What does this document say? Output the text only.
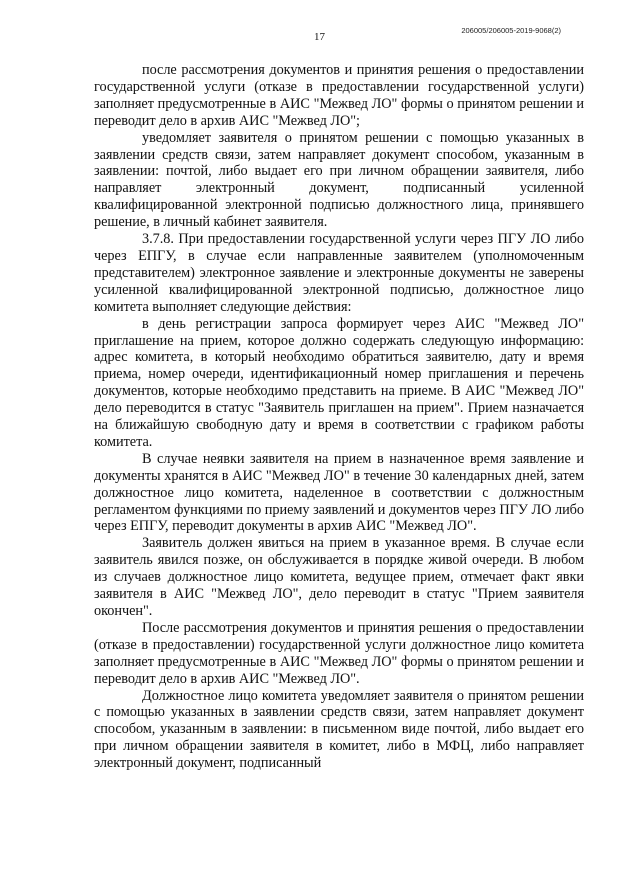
206005/206005-2019-9068(2)
17

после рассмотрения документов и принятия решения о предоставлении государственной услуги (отказе в предоставлении государственной услуги) заполняет предусмотренные в АИС "Межвед ЛО" формы о принятом решении и переводит дело в архив АИС "Межвед ЛО";

уведомляет заявителя о принятом решении с помощью указанных в заявлении средств связи, затем направляет документ способом, указанным в заявлении: почтой, либо выдает его при личном обращении заявителя, либо направляет электронный документ, подписанный усиленной квалифицированной электронной подписью должностного лица, принявшего решение, в личный кабинет заявителя.

3.7.8. При предоставлении государственной услуги через ПГУ ЛО либо через ЕПГУ, в случае если направленные заявителем (уполномоченным представителем) электронное заявление и электронные документы не заверены усиленной квалифицированной электронной подписью, должностное лицо комитета выполняет следующие действия:

в день регистрации запроса формирует через АИС "Межвед ЛО" приглашение на прием, которое должно содержать следующую информацию: адрес комитета, в который необходимо обратиться заявителю, дату и время приема, номер очереди, идентификационный номер приглашения и перечень документов, которые необходимо представить на приеме. В АИС "Межвед ЛО" дело переводится в статус "Заявитель приглашен на прием". Прием назначается на ближайшую свободную дату и время в соответствии с графиком работы комитета.

В случае неявки заявителя на прием в назначенное время заявление и документы хранятся в АИС "Межвед ЛО" в течение 30 календарных дней, затем должностное лицо комитета, наделенное в соответствии с должностным регламентом функциями по приему заявлений и документов через ПГУ ЛО либо через ЕПГУ, переводит документы в архив АИС "Межвед ЛО".

Заявитель должен явиться на прием в указанное время. В случае если заявитель явился позже, он обслуживается в порядке живой очереди. В любом из случаев должностное лицо комитета, ведущее прием, отмечает факт явки заявителя в АИС "Межвед ЛО", дело переводит в статус "Прием заявителя окончен".

После рассмотрения документов и принятия решения о предоставлении (отказе в предоставлении) государственной услуги должностное лицо комитета заполняет предусмотренные в АИС "Межвед ЛО" формы о принятом решении и переводит дело в архив АИС "Межвед ЛО".

Должностное лицо комитета уведомляет заявителя о принятом решении с помощью указанных в заявлении средств связи, затем направляет документ способом, указанным в заявлении: в письменном виде почтой, либо выдает его при личном обращении заявителя в комитет, либо в МФЦ, либо направляет электронный документ, подписанный
